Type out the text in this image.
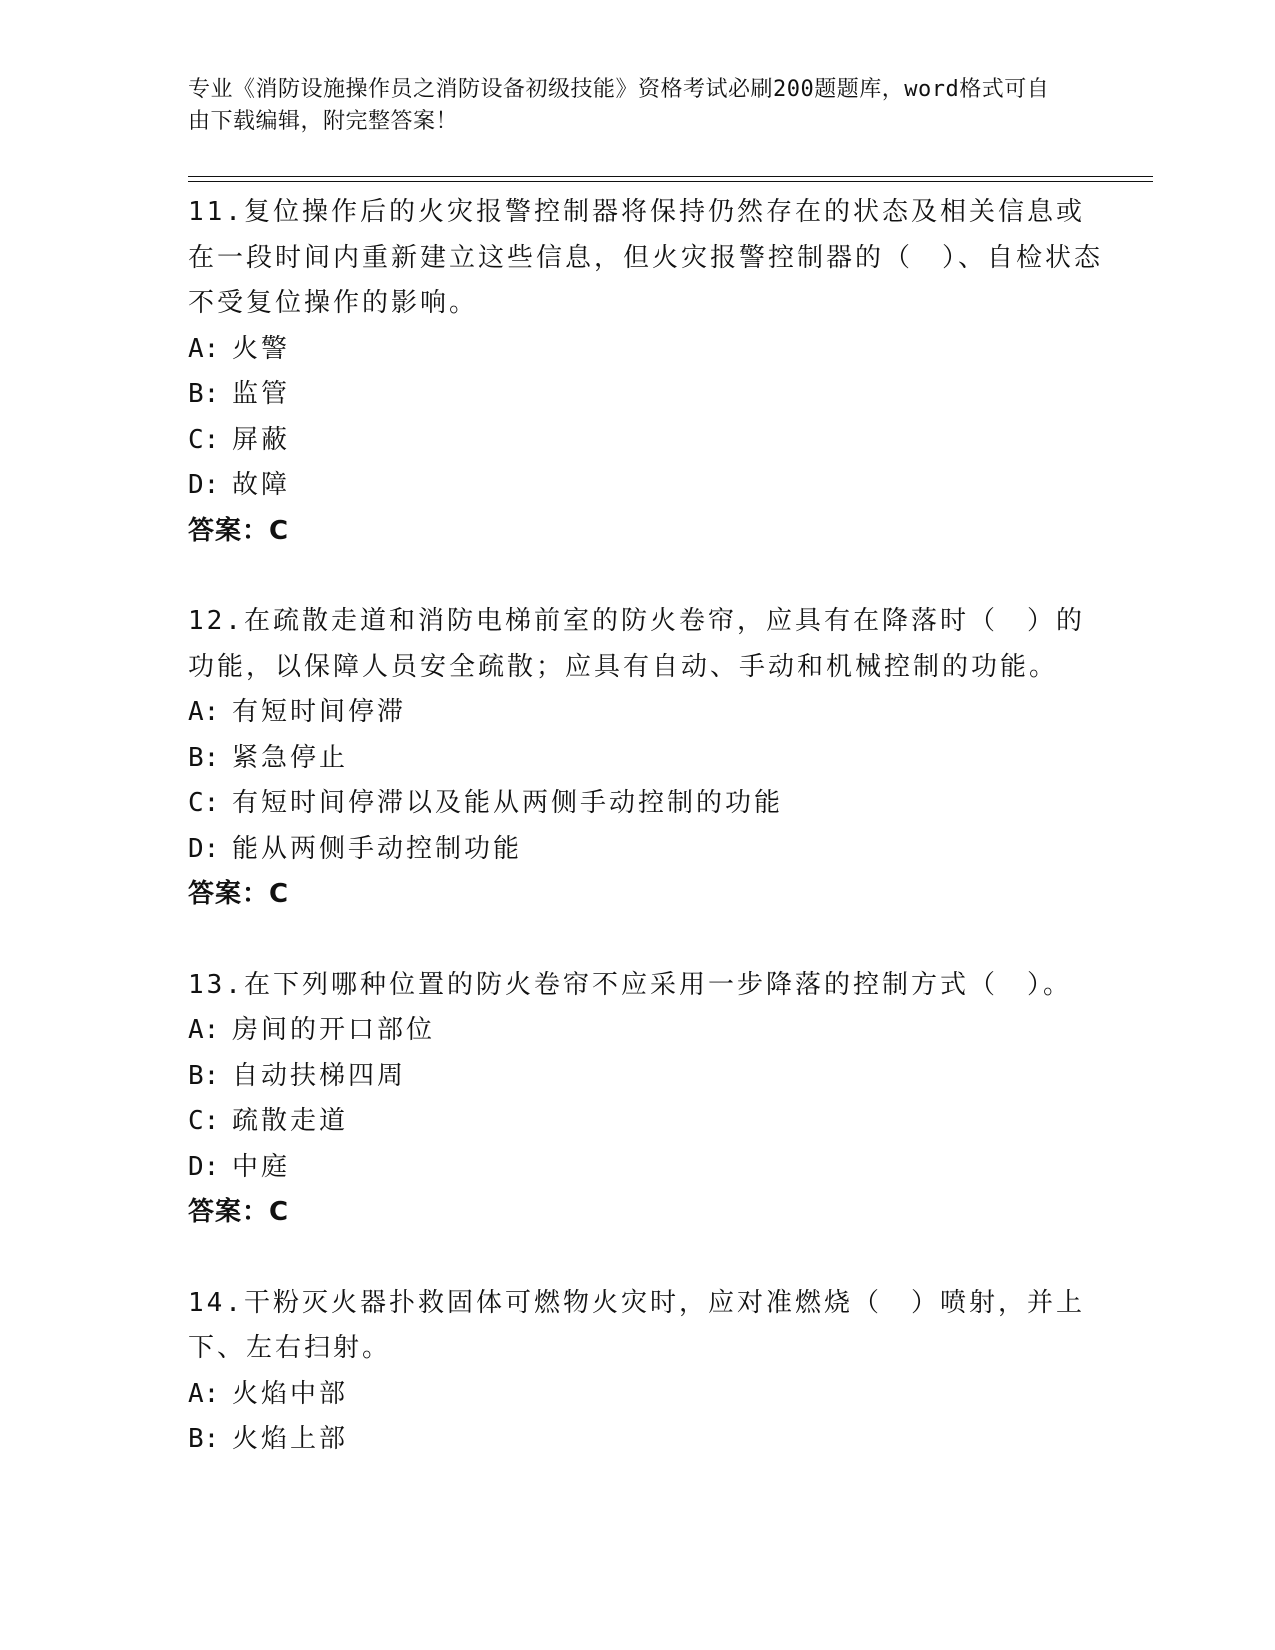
专业《消防设施操作员之消防设备初级技能》资格考试必刷200题题库，word格式可自由下载编辑，附完整答案！

11.复位操作后的火灾报警控制器将保持仍然存在的状态及相关信息或在一段时间内重新建立这些信息，但火灾报警控制器的（　）、自检状态不受复位操作的影响。

A: 火警

B: 监管

C: 屏蔽

D: 故障

答案：C

12.在疏散走道和消防电梯前室的防火卷帘，应具有在降落时（　）的功能，以保障人员安全疏散；应具有自动、手动和机械控制的功能。

A: 有短时间停滞

B: 紧急停止

C: 有短时间停滞以及能从两侧手动控制的功能

D: 能从两侧手动控制功能

答案：C

13.在下列哪种位置的防火卷帘不应采用一步降落的控制方式（　）。

A: 房间的开口部位

B: 自动扶梯四周

C: 疏散走道

D: 中庭

答案：C

14.干粉灭火器扑救固体可燃物火灾时，应对准燃烧（　）喷射，并上下、左右扫射。

A: 火焰中部

B: 火焰上部
